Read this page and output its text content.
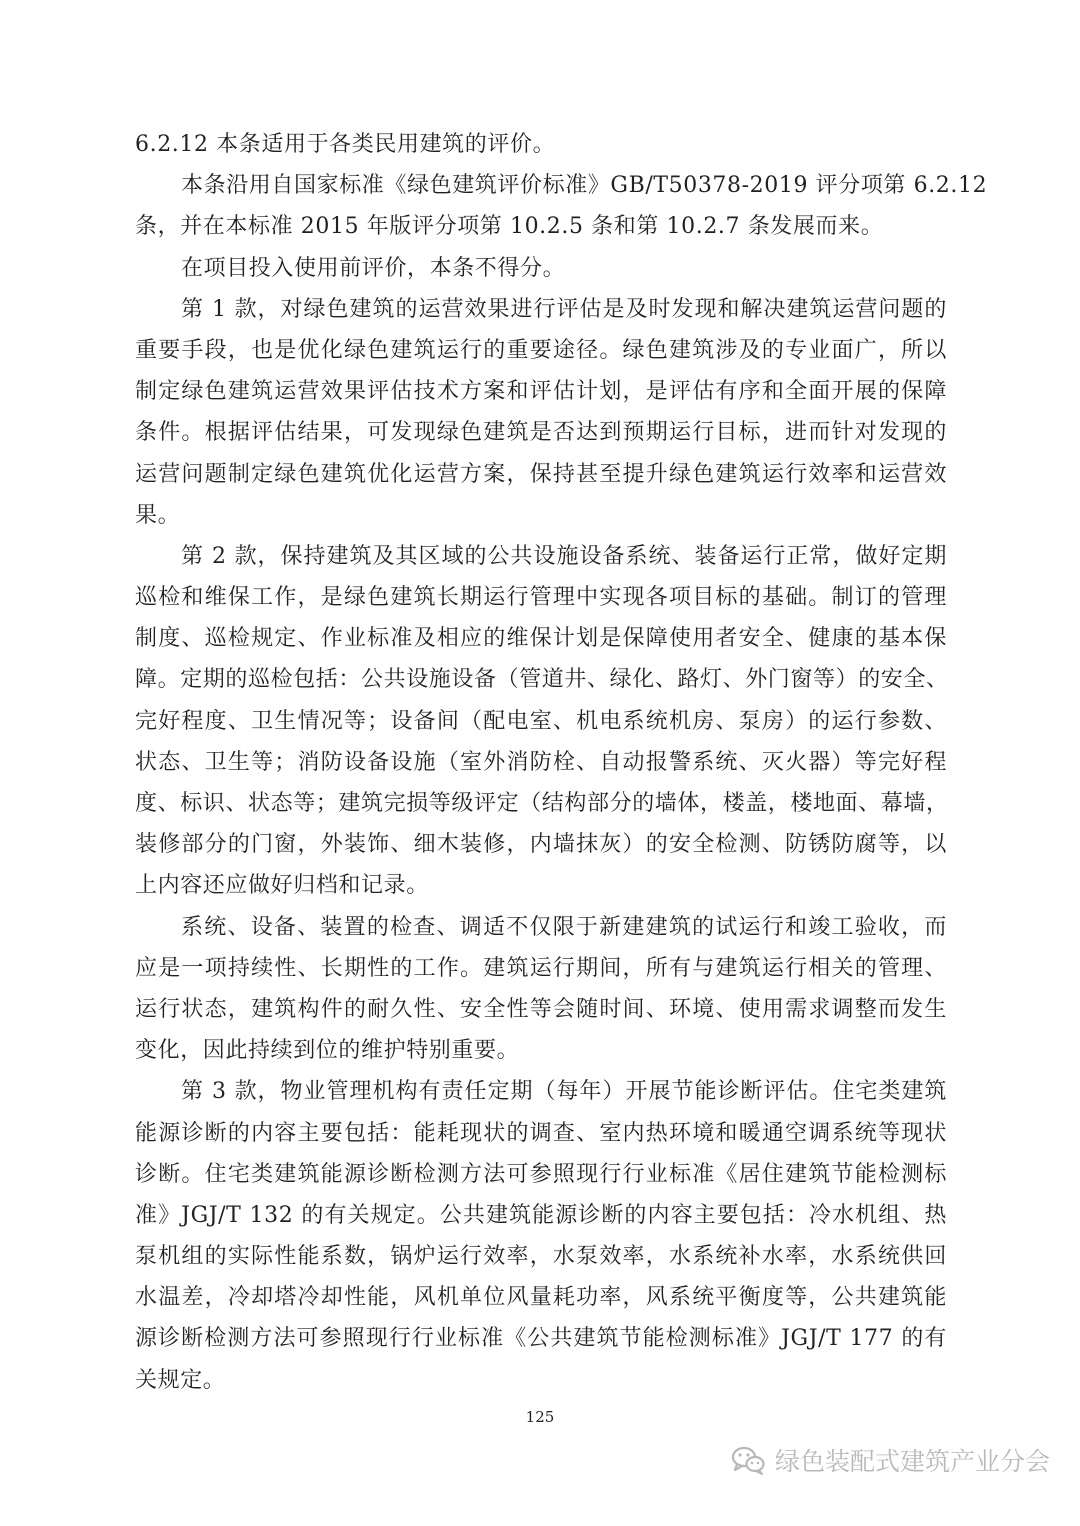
6.2.12 本条适用于各类民用建筑的评价。
本条沿用自国家标准《绿色建筑评价标准》GB/T50378-2019 评分项第 6.2.12
条，并在本标准 2015 年版评分项第 10.2.5 条和第 10.2.7 条发展而来。
在项目投入使用前评价，本条不得分。
第 1 款，对绿色建筑的运营效果进行评估是及时发现和解决建筑运营问题的
重要手段，也是优化绿色建筑运行的重要途径。绿色建筑涉及的专业面广，所以
制定绿色建筑运营效果评估技术方案和评估计划，是评估有序和全面开展的保障
条件。根据评估结果，可发现绿色建筑是否达到预期运行目标，进而针对发现的
运营问题制定绿色建筑优化运营方案，保持甚至提升绿色建筑运行效率和运营效
果。
第 2 款，保持建筑及其区域的公共设施设备系统、装备运行正常，做好定期
巡检和维保工作，是绿色建筑长期运行管理中实现各项目标的基础。制订的管理
制度、巡检规定、作业标准及相应的维保计划是保障使用者安全、健康的基本保
障。定期的巡检包括：公共设施设备（管道井、绿化、路灯、外门窗等）的安全、
完好程度、卫生情况等；设备间（配电室、机电系统机房、泵房）的运行参数、
状态、卫生等；消防设备设施（室外消防栓、自动报警系统、灭火器）等完好程
度、标识、状态等；建筑完损等级评定（结构部分的墙体，楼盖，楼地面、幕墙，
装修部分的门窗，外装饰、细木装修，内墙抹灰）的安全检测、防锈防腐等，以
上内容还应做好归档和记录。
系统、设备、装置的检查、调适不仅限于新建建筑的试运行和竣工验收，而
应是一项持续性、长期性的工作。建筑运行期间，所有与建筑运行相关的管理、
运行状态，建筑构件的耐久性、安全性等会随时间、环境、使用需求调整而发生
变化，因此持续到位的维护特别重要。
第 3 款，物业管理机构有责任定期（每年）开展节能诊断评估。住宅类建筑
能源诊断的内容主要包括：能耗现状的调查、室内热环境和暖通空调系统等现状
诊断。住宅类建筑能源诊断检测方法可参照现行行业标准《居住建筑节能检测标
准》JGJ/T 132 的有关规定。公共建筑能源诊断的内容主要包括：冷水机组、热
泵机组的实际性能系数，锅炉运行效率，水泵效率，水系统补水率，水系统供回
水温差，冷却塔冷却性能，风机单位风量耗功率，风系统平衡度等，公共建筑能
源诊断检测方法可参照现行行业标准《公共建筑节能检测标准》JGJ/T 177 的有
关规定。
125
绿色装配式建筑产业分会
